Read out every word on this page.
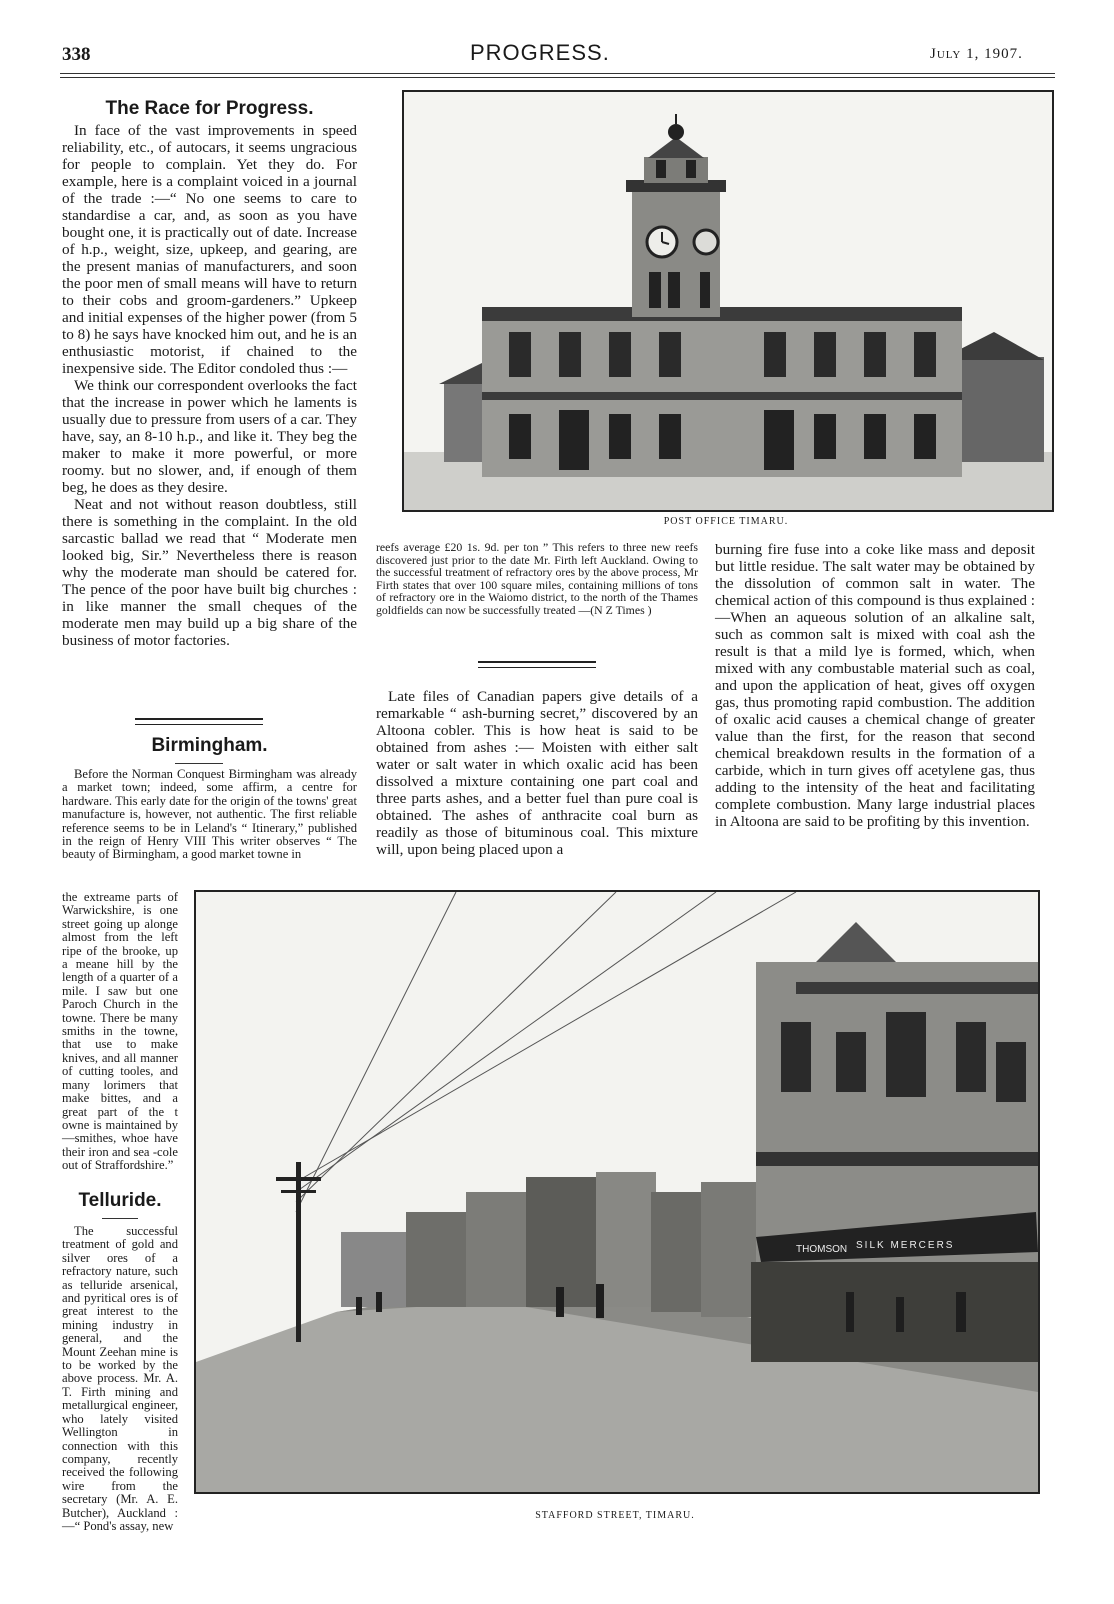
338	PROGRESS.	July 1, 1907.
The Race for Progress.

In face of the vast improvements in speed reliability, etc., of autocars, it seems ungracious for people to complain. Yet they do. For example, here is a complaint voiced in a journal of the trade :—“ No one seems to care to standardise a car, and, as soon as you have bought one, it is practically out of date. Increase of h.p., weight, size, upkeep, and gearing, are the present manias of manufacturers, and soon the poor men of small means will have to return to their cobs and groom-gardeners.” Upkeep and initial expenses of the higher power (from 5 to 8) he says have knocked him out, and he is an enthusiastic motorist, if chained to the inexpensive side. The Editor condoled thus :—

We think our correspondent overlooks the fact that the increase in power which he laments is usually due to pressure from users of a car. They have, say, an 8-10 h.p., and like it. They beg the maker to make it more powerful, or more roomy. but no slower, and, if enough of them beg, he does as they desire.

Neat and not without reason doubtless, still there is something in the complaint. In the old sarcastic ballad we read that “ Moderate men looked big, Sir.” Nevertheless there is reason why the moderate man should be catered for. The pence of the poor have built big churches : in like manner the small cheques of the moderate men may build up a big share of the business of motor factories.

Birmingham.

Before the Norman Conquest Birmingham was already a market town; indeed, some affirm, a centre for hardware. This early date for the origin of the towns' great manufacture is, however, not authentic. The first reliable reference seems to be in Leland's “ Itinerary,” published in the reign of Henry VIII This writer observes “ The beauty of Birmingham, a good market towne in

the extreame parts of Warwickshire, is one street going up alonge almost from the left ripe of the brooke, up a meane hill by the length of a quarter of a mile. I saw but one Paroch Church in the towne. There be many smiths in the towne, that use to make knives, and all manner of cutting tooles, and many lorimers that make bittes, and a great part of the t owne is maintained by —smithes, whoe have their iron and sea -cole out of Straffordshire.”

Telluride.

The successful treatment of gold and silver ores of a refractory nature, such as telluride arsenical, and pyritical ores is of great interest to the mining industry in general, and the Mount Zeehan mine is to be worked by the above process. Mr. A. T. Firth mining and metallurgical engineer, who lately visited Wellington in connection with this company, recently received the following wire from the secretary (Mr. A. E. Butcher), Auckland :—“ Pond's assay, new

POST OFFICE TIMARU.

reefs average £20 1s. 9d. per ton ” This refers to three new reefs discovered just prior to the date Mr. Firth left Auckland. Owing to the successful treatment of refractory ores by the above process, Mr Firth states that over 100 square miles, containing millions of tons of refractory ore in the Waiomo district, to the north of the Thames goldfields can now be successfully treated —(N Z Times )

Late files of Canadian papers give details of a remarkable “ ash-burning secret,” discovered by an Altoona cobler. This is how heat is said to be obtained from ashes :— Moisten with either salt water or salt water in which oxalic acid has been dissolved a mixture containing one part coal and three parts ashes, and a better fuel than pure coal is obtained. The ashes of anthracite coal burn as readily as those of bituminous coal. This mixture will, upon being placed upon a

burning fire fuse into a coke like mass and deposit but little residue. The salt water may be obtained by the dissolution of common salt in water. The chemical action of this compound is thus explained :—When an aqueous solution of an alkaline salt, such as common salt is mixed with coal ash the result is that a mild lye is formed, which, when mixed with any combustable material such as coal, and upon the application of heat, gives off oxygen gas, thus promoting rapid combustion. The addition of oxalic acid causes a chemical change of greater value than the first, for the reason that second chemical breakdown results in the formation of a carbide, which in turn gives off acetylene gas, thus adding to the intensity of the heat and facilitating complete combustion. Many large industrial places in Altoona are said to be profiting by this invention.

THOMSON SILK MERCERS
STAFFORD STREET, TIMARU.
